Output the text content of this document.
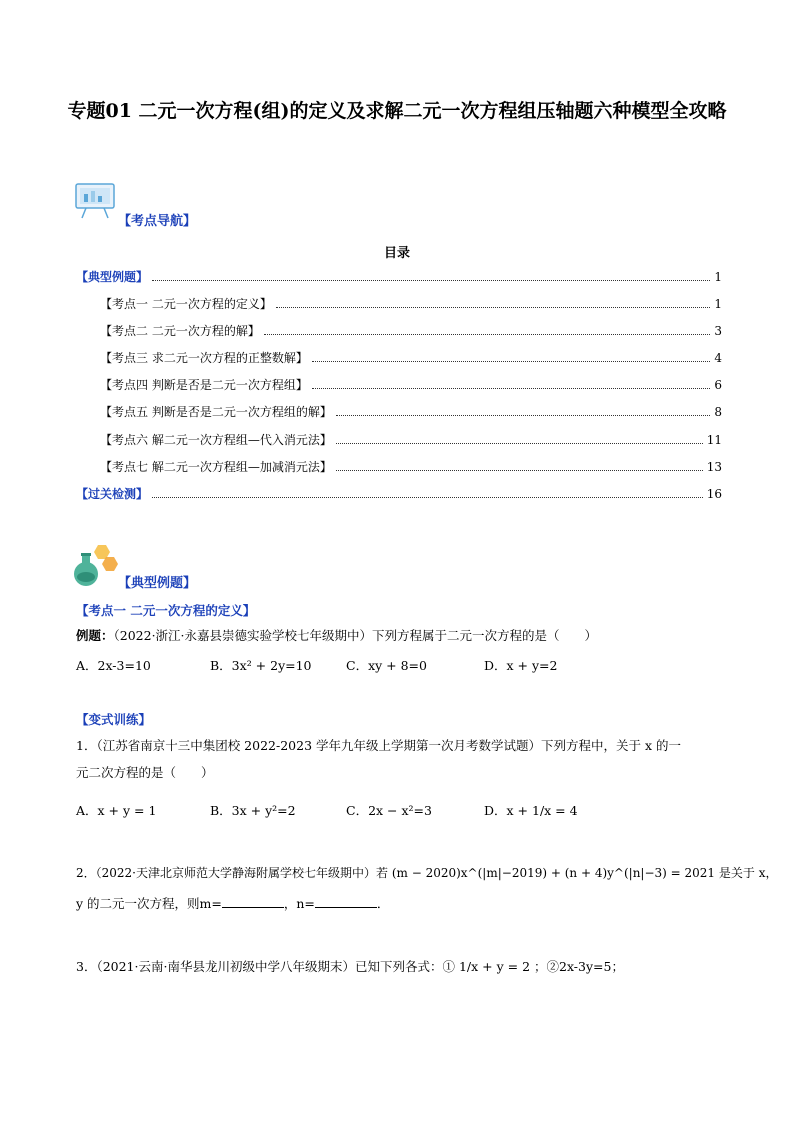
专题01 二元一次方程(组)的定义及求解二元一次方程组压轴题六种模型全攻略
【考点导航】
目录
【典型例题】	1
【考点一 二元一次方程的定义】	1
【考点二 二元一次方程的解】	3
【考点三 求二元一次方程的正整数解】	4
【考点四 判断是否是二元一次方程组】	6
【考点五 判断是否是二元一次方程组的解】	8
【考点六 解二元一次方程组—代入消元法】	11
【考点七 解二元一次方程组—加减消元法】	13
【过关检测】	16
【典型例题】
【考点一 二元一次方程的定义】
例题：（2022·浙江·永嘉县崇德实验学校七年级期中）下列方程属于二元一次方程的是（　　）
A．2x-3=10	B．3x² + 2y=10	C．xy + 8=0	D．x + y=2
【变式训练】
1．（江苏省南京十三中集团校 2022-2023 学年九年级上学期第一次月考数学试题）下列方程中，关于 x 的一
元二次方程的是（　　）
A．x + y = 1	B．3x + y²=2	C．2x − x²=3	D．x + 1/x = 4
2．（2022·天津北京师范大学静海附属学校七年级期中）若 (m − 2020)x^(|m|−2019) + (n + 4)y^(|n|−3) = 2021 是关于 x，
y 的二元一次方程，则m=	，n=	．
3．（2021·云南·南华县龙川初级中学八年级期末）已知下列各式：① 1/x + y = 2 ；②2x-3y=5；
